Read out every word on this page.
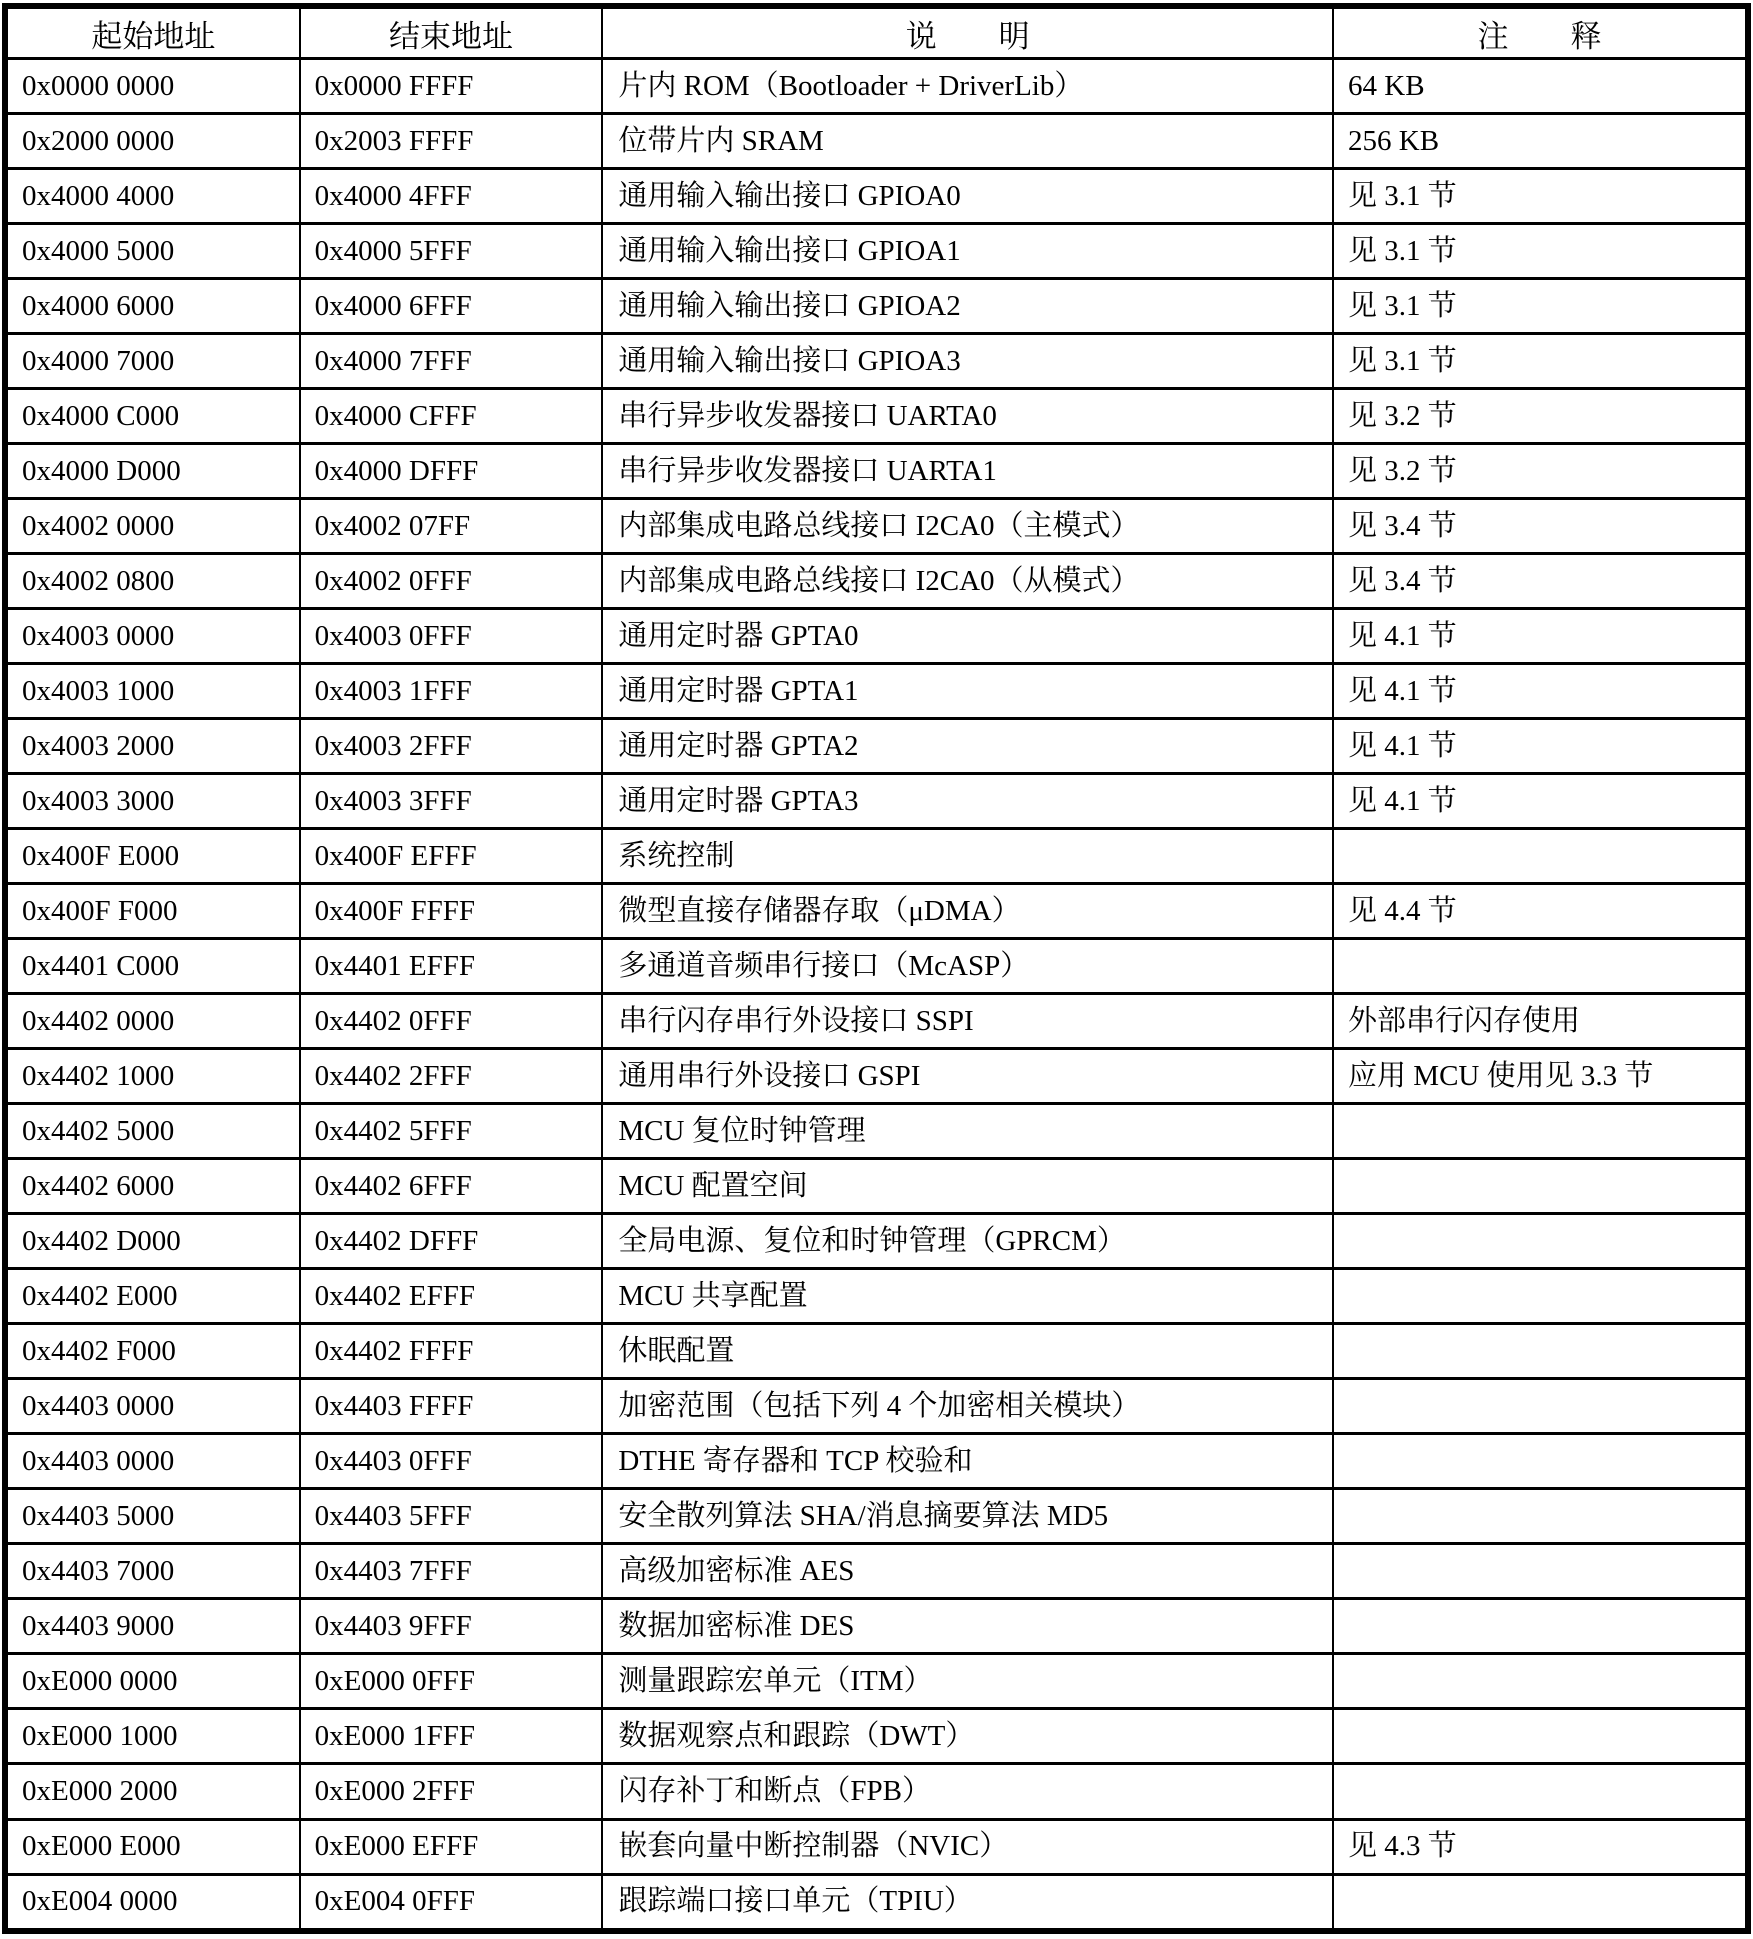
起始地址	结束地址	说　　明	注　　释
0x0000 0000	0x0000 FFFF	片内 ROM（Bootloader + DriverLib）	64 KB
0x2000 0000	0x2003 FFFF	位带片内 SRAM	256 KB
0x4000 4000	0x4000 4FFF	通用输入输出接口 GPIOA0	见 3.1 节
0x4000 5000	0x4000 5FFF	通用输入输出接口 GPIOA1	见 3.1 节
0x4000 6000	0x4000 6FFF	通用输入输出接口 GPIOA2	见 3.1 节
0x4000 7000	0x4000 7FFF	通用输入输出接口 GPIOA3	见 3.1 节
0x4000 C000	0x4000 CFFF	串行异步收发器接口 UARTA0	见 3.2 节
0x4000 D000	0x4000 DFFF	串行异步收发器接口 UARTA1	见 3.2 节
0x4002 0000	0x4002 07FF	内部集成电路总线接口 I2CA0（主模式）	见 3.4 节
0x4002 0800	0x4002 0FFF	内部集成电路总线接口 I2CA0（从模式）	见 3.4 节
0x4003 0000	0x4003 0FFF	通用定时器 GPTA0	见 4.1 节
0x4003 1000	0x4003 1FFF	通用定时器 GPTA1	见 4.1 节
0x4003 2000	0x4003 2FFF	通用定时器 GPTA2	见 4.1 节
0x4003 3000	0x4003 3FFF	通用定时器 GPTA3	见 4.1 节
0x400F E000	0x400F EFFF	系统控制	
0x400F F000	0x400F FFFF	微型直接存储器存取（μDMA）	见 4.4 节
0x4401 C000	0x4401 EFFF	多通道音频串行接口（McASP）	
0x4402 0000	0x4402 0FFF	串行闪存串行外设接口 SSPI	外部串行闪存使用
0x4402 1000	0x4402 2FFF	通用串行外设接口 GSPI	应用 MCU 使用见 3.3 节
0x4402 5000	0x4402 5FFF	MCU 复位时钟管理	
0x4402 6000	0x4402 6FFF	MCU 配置空间	
0x4402 D000	0x4402 DFFF	全局电源、复位和时钟管理（GPRCM）	
0x4402 E000	0x4402 EFFF	MCU 共享配置	
0x4402 F000	0x4402 FFFF	休眠配置	
0x4403 0000	0x4403 FFFF	加密范围（包括下列 4 个加密相关模块）	
0x4403 0000	0x4403 0FFF	DTHE 寄存器和 TCP 校验和	
0x4403 5000	0x4403 5FFF	安全散列算法 SHA/消息摘要算法 MD5	
0x4403 7000	0x4403 7FFF	高级加密标准 AES	
0x4403 9000	0x4403 9FFF	数据加密标准 DES	
0xE000 0000	0xE000 0FFF	测量跟踪宏单元（ITM）	
0xE000 1000	0xE000 1FFF	数据观察点和跟踪（DWT）	
0xE000 2000	0xE000 2FFF	闪存补丁和断点（FPB）	
0xE000 E000	0xE000 EFFF	嵌套向量中断控制器（NVIC）	见 4.3 节
0xE004 0000	0xE004 0FFF	跟踪端口接口单元（TPIU）	
